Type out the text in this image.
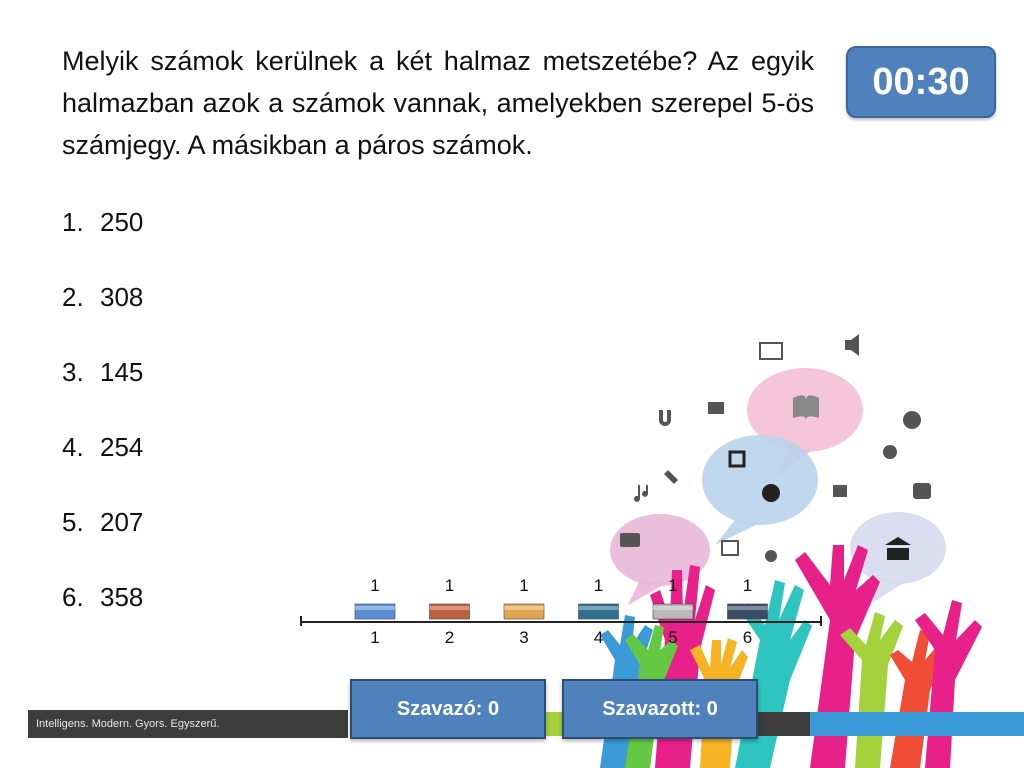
Melyik számok kerülnek a két halmaz metszetébe? Az egyik halmazban azok a számok vannak, amelyekben szerepel 5-ös számjegy. A másikban a páros számok.

00:30
1. 250
2. 308
3. 145
4. 254
5. 207
6. 358	1
1
1
2
1
3
1
4
1
5
1
6
Intelligens. Modern. Gyors. Egyszerű.
Szavazó: 0	Szavazott: 0
